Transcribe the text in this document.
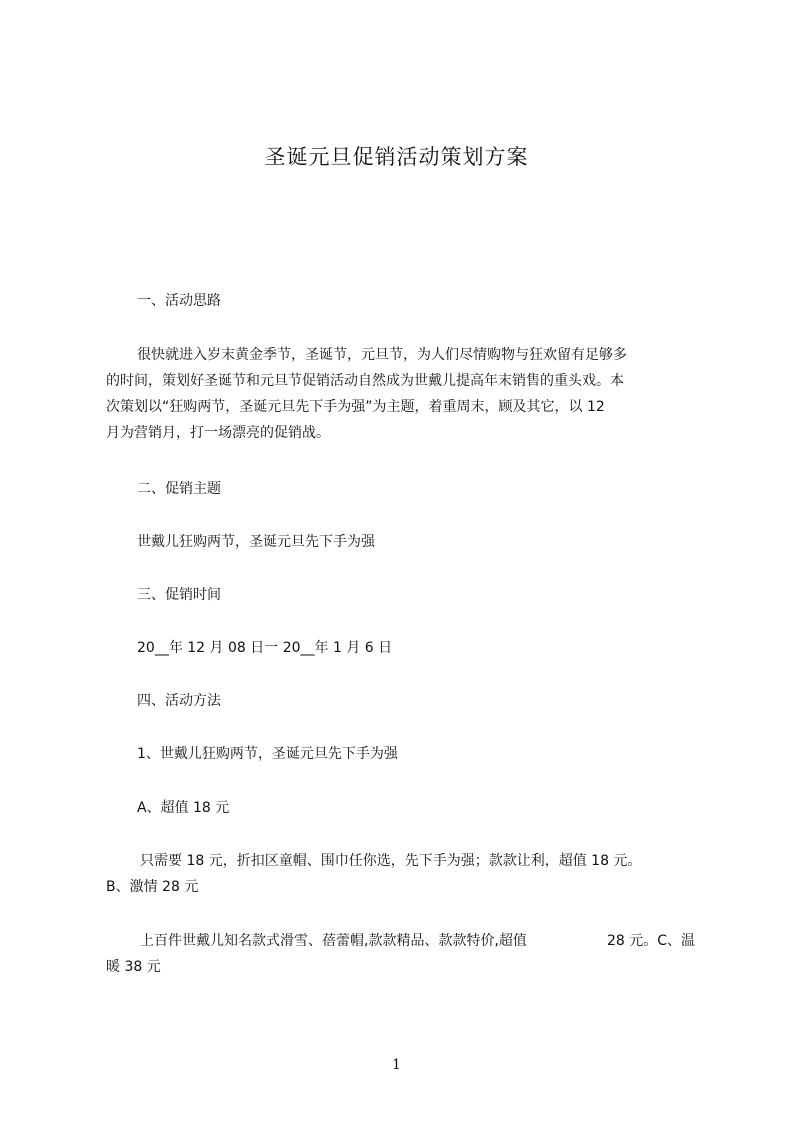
圣诞元旦促销活动策划方案
一、活动思路
很快就进入岁末黄金季节，圣诞节，元旦节，为人们尽情购物与狂欢留有足够多
的时间，策划好圣诞节和元旦节促销活动自然成为世戴儿提高年末销售的重头戏。本
次策划以“狂购两节，圣诞元旦先下手为强”为主题，着重周末，顾及其它，以 12
月为营销月，打一场漂亮的促销战。
二、促销主题
世戴儿狂购两节，圣诞元旦先下手为强
三、促销时间
20__年 12 月 08 日一 20__年 1 月 6 日
四、活动方法
1、世戴儿狂购两节，圣诞元旦先下手为强
A、超值 18 元
只需要 18 元，折扣区童帽、围巾任你选，先下手为强；款款让利，超值 18 元。
B、激情 28 元
上百件世戴儿知名款式滑雪、蓓蕾帽,款款精品、款款特价,超值	28 元。C、温
暖 38 元
1
